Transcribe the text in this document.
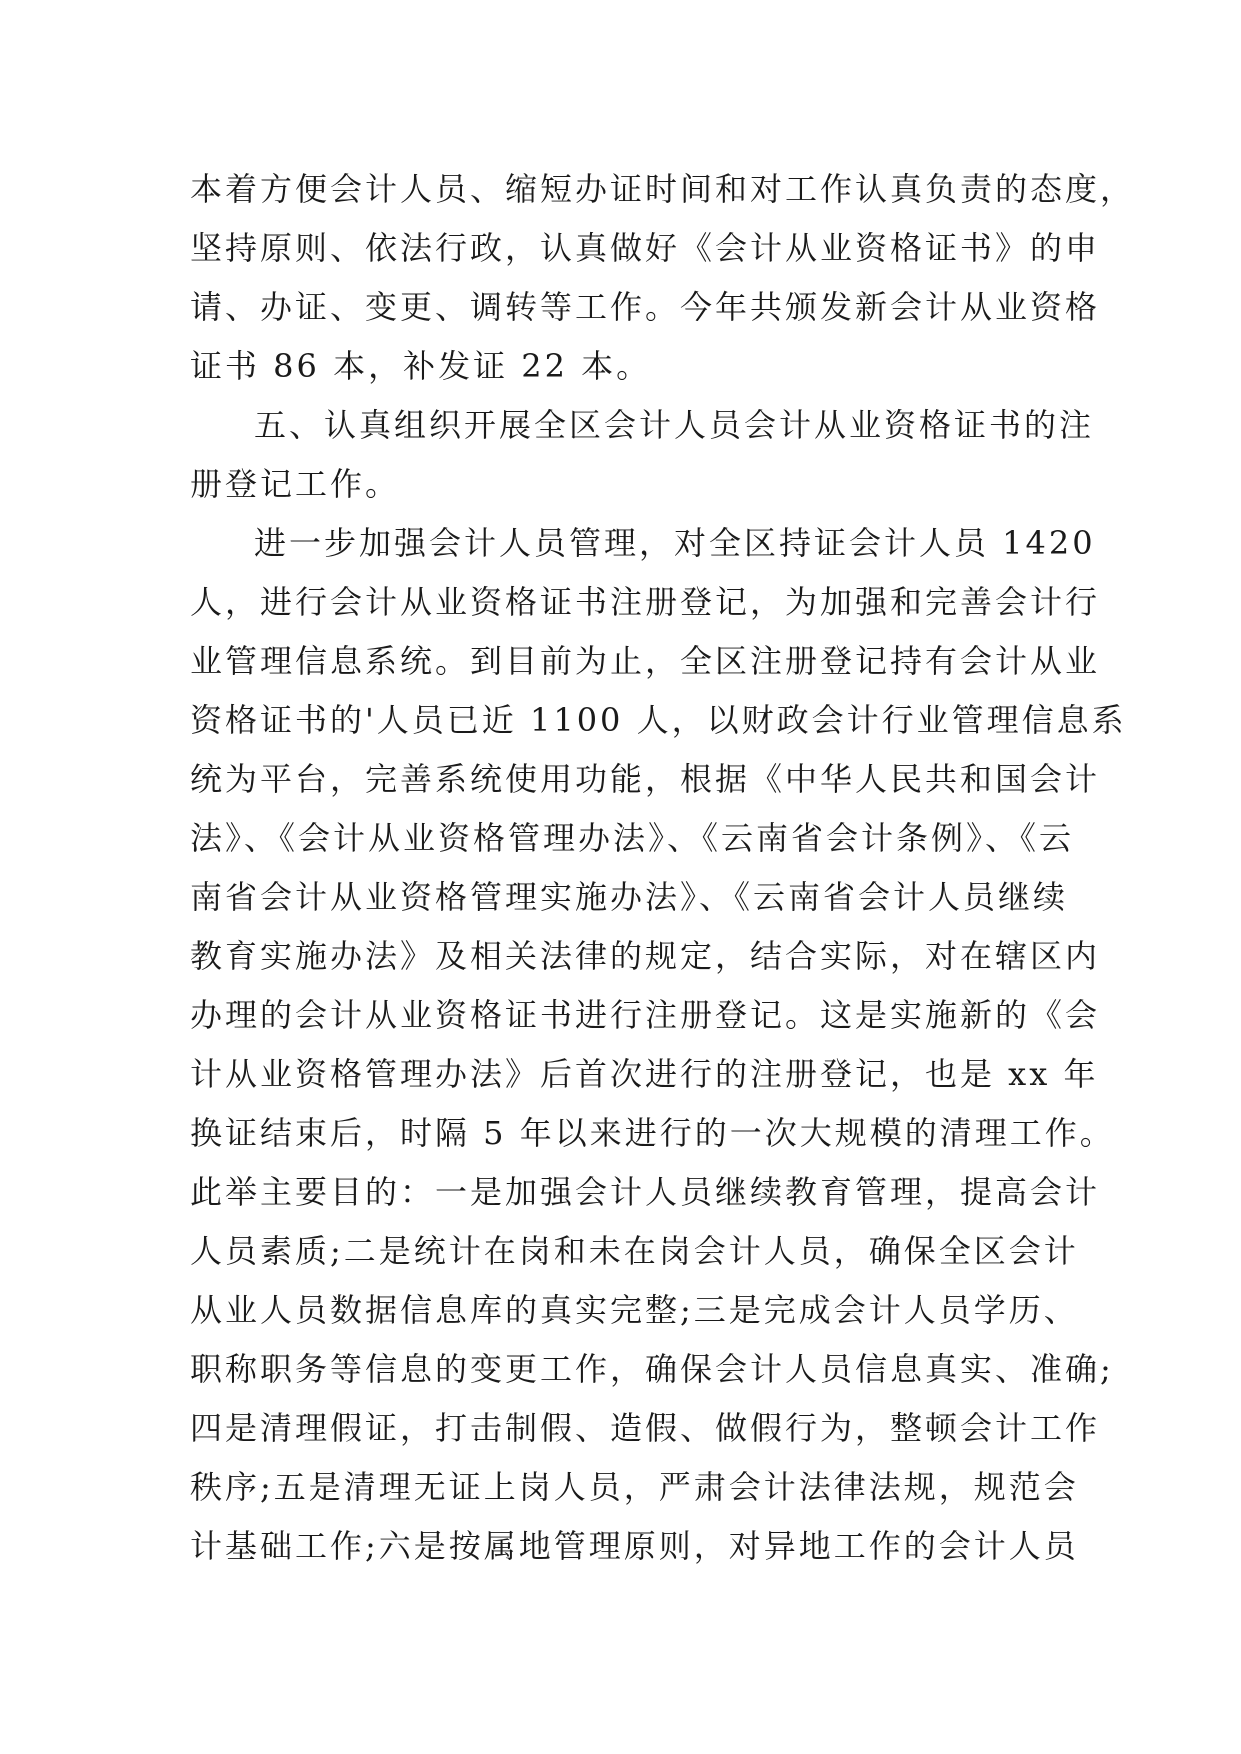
本着方便会计人员、缩短办证时间和对工作认真负责的态度，
坚持原则、依法行政，认真做好《会计从业资格证书》的申
请、办证、变更、调转等工作。今年共颁发新会计从业资格
证书 86 本，补发证 22 本。
五、认真组织开展全区会计人员会计从业资格证书的注
册登记工作。
进一步加强会计人员管理，对全区持证会计人员 1420
人，进行会计从业资格证书注册登记，为加强和完善会计行
业管理信息系统。到目前为止，全区注册登记持有会计从业
资格证书的'人员已近 1100 人，以财政会计行业管理信息系
统为平台，完善系统使用功能，根据《中华人民共和国会计
法》、《会计从业资格管理办法》、《云南省会计条例》、《云
南省会计从业资格管理实施办法》、《云南省会计人员继续
教育实施办法》及相关法律的规定，结合实际，对在辖区内
办理的会计从业资格证书进行注册登记。这是实施新的《会
计从业资格管理办法》后首次进行的注册登记，也是 xx 年
换证结束后，时隔 5 年以来进行的一次大规模的清理工作。
此举主要目的：一是加强会计人员继续教育管理，提高会计
人员素质;二是统计在岗和未在岗会计人员，确保全区会计
从业人员数据信息库的真实完整;三是完成会计人员学历、
职称职务等信息的变更工作，确保会计人员信息真实、准确;
四是清理假证，打击制假、造假、做假行为，整顿会计工作
秩序;五是清理无证上岗人员，严肃会计法律法规，规范会
计基础工作;六是按属地管理原则，对异地工作的会计人员
